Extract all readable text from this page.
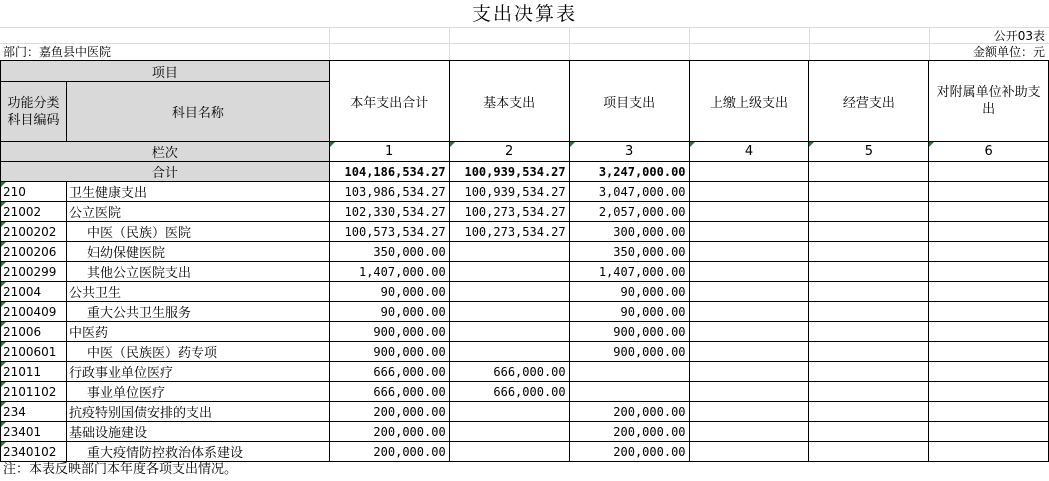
支出决算表
公开03表
部门：嘉鱼县中医院	金额单位：元
项目		本年支出合计	基本支出	项目支出	上缴上级支出	经营支出	对附属单位补助支出
功能分类科目编码	科目名称						

栏次		1	2	3	4	5	6
合计		104,186,534.27	100,939,534.27	3,247,000.00			
210	卫生健康支出	103,986,534.27	100,939,534.27	3,047,000.00			
21002	公立医院	102,330,534.27	100,273,534.27	2,057,000.00			
2100202	中医（民族）医院	100,573,534.27	100,273,534.27	300,000.00			
2100206	妇幼保健医院	350,000.00		350,000.00			
2100299	其他公立医院支出	1,407,000.00		1,407,000.00			
21004	公共卫生	90,000.00		90,000.00			
2100409	重大公共卫生服务	90,000.00		90,000.00			
21006	中医药	900,000.00		900,000.00			
2100601	中医（民族医）药专项	900,000.00		900,000.00			
21011	行政事业单位医疗	666,000.00	666,000.00				
2101102	事业单位医疗	666,000.00	666,000.00				
234	抗疫特别国债安排的支出	200,000.00		200,000.00			
23401	基础设施建设	200,000.00		200,000.00			
2340102	重大疫情防控救治体系建设	200,000.00		200,000.00			
注：本表反映部门本年度各项支出情况。
